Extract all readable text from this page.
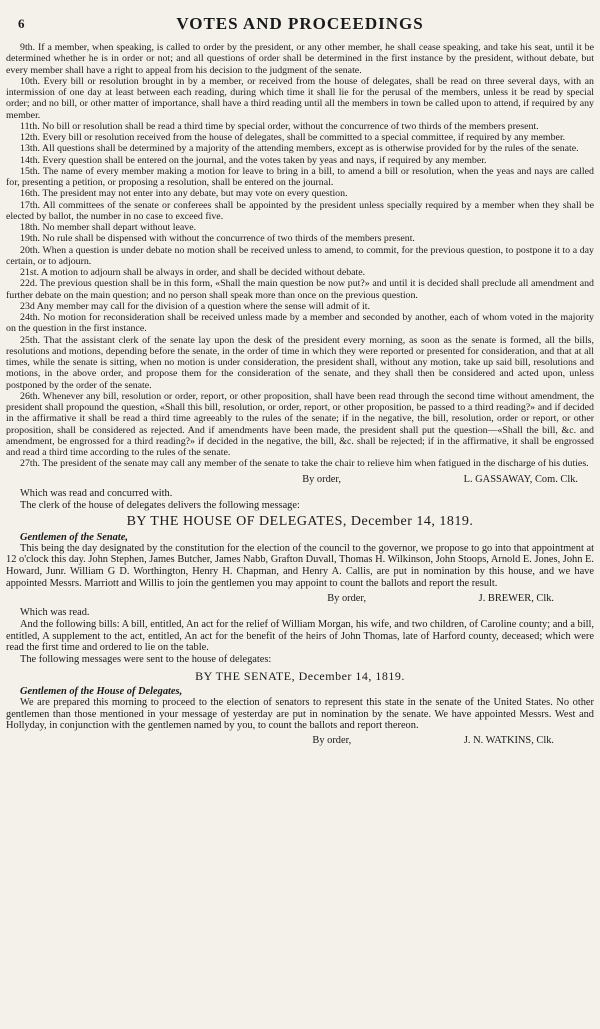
6	VOTES AND PROCEEDINGS

9th. If a member, when speaking, is called to order by the president, or any other member, he shall cease speaking, and take his seat, until it be determined whether he is in order or not; and all questions of order shall be determined in the first instance by the president, without debate, but every member shall have a right to appeal from his decision to the judgment of the senate.

10th. Every bill or resolution brought in by a member, or received from the house of delegates, shall be read on three several days, with an intermission of one day at least between each reading, during which time it shall lie for the perusal of the members, unless it be read by special order; and no bill, or other matter of importance, shall have a third reading until all the members in town be called upon to attend, if required by any member.

11th. No bill or resolution shall be read a third time by special order, without the concurrence of two thirds of the members present.

12th. Every bill or resolution received from the house of delegates, shall be committed to a special committee, if required by any member.

13th. All questions shall be determined by a majority of the attending members, except as is otherwise provided for by the rules of the senate.

14th. Every question shall be entered on the journal, and the votes taken by yeas and nays, if required by any member.

15th. The name of every member making a motion for leave to bring in a bill, to amend a bill or resolution, when the yeas and nays are called for, presenting a petition, or proposing a resolution, shall be entered on the journal.

16th. The president may not enter into any debate, but may vote on every question.

17th. All committees of the senate or conferees shall be appointed by the president unless specially required by a member when they shall be elected by ballot, the number in no case to exceed five.

18th. No member shall depart without leave.

19th. No rule shall be dispensed with without the concurrence of two thirds of the members present.

20th. When a question is under debate no motion shall be received unless to amend, to commit, for the previous question, to postpone it to a day certain, or to adjourn.

21st. A motion to adjourn shall be always in order, and shall be decided without debate.

22d. The previous question shall be in this form, «Shall the main question be now put?» and until it is decided shall preclude all amendment and further debate on the main question; and no person shall speak more than once on the previous question.

23d Any member may call for the division of a question where the sense will admit of it.

24th. No motion for reconsideration shall be received unless made by a member and seconded by another, each of whom voted in the majority on the question in the first instance.

25th. That the assistant clerk of the senate lay upon the desk of the president every morning, as soon as the senate is formed, all the bills, resolutions and motions, depending before the senate, in the order of time in which they were reported or presented for consideration, and that at all times, while the senate is sitting, when no motion is under consideration, the president shall, without any motion, take up said bill, resolutions and motions, in the above order, and propose them for the consideration of the senate, and they shall then be considered and acted upon, unless postponed by the order of the senate.

26th. Whenever any bill, resolution or order, report, or other proposition, shall have been read through the second time without amendment, the president shall propound the question, «Shall this bill, resolution, or order, report, or other proposition, be passed to a third reading?» and if decided in the affirmative it shall be read a third time agreeably to the rules of the senate; if in the negative, the bill, resolution, order or report, or other proposition, shall be considered as rejected. And if amendments have been made, the president shall put the question—«Shall the bill, &c. and amendment, be engrossed for a third reading?» if decided in the negative, the bill, &c. shall be rejected; if in the affirmative, it shall be engrossed and read a third time according to the rules of the senate.

27th. The president of the senate may call any member of the senate to take the chair to relieve him when fatigued in the discharge of his duties.

By order,	L. GASSAWAY, Com. Clk.

Which was read and concurred with.

The clerk of the house of delegates delivers the following message:

BY THE HOUSE OF DELEGATES, December 14, 1819.
Gentlemen of the Senate,

This being the day designated by the constitution for the election of the council to the governor, we propose to go into that appointment at 12 o'clock this day. John Stephen, James Butcher, James Nabb, Grafton Duvall, Thomas H. Wilkinson, John Stoops, Arnold E. Jones, John E. Howard, Junr. William G D. Worthington, Henry H. Chapman, and Henry A. Callis, are put in nomination by this house, and we have appointed Messrs. Marriott and Willis to join the gentlemen you may appoint to count the ballots and report the result.

By order,	J. BREWER, Clk.

Which was read.

And the following bills: A bill, entitled, An act for the relief of William Morgan, his wife, and two children, of Caroline county; and a bill, entitled, A supplement to the act, entitled, An act for the benefit of the heirs of John Thomas, late of Harford county, deceased; which were read the first time and ordered to lie on the table.

The following messages were sent to the house of delegates:

BY THE SENATE, December 14, 1819.
Gentlemen of the House of Delegates,

We are prepared this morning to proceed to the election of senators to represent this state in the senate of the United States. No other gentlemen than those mentioned in your message of yesterday are put in nomination by the senate. We have appointed Messrs. West and Hollyday, in conjunction with the gentlemen named by you, to count the ballots and report thereon.

By order,	J. N. WATKINS, Clk.
